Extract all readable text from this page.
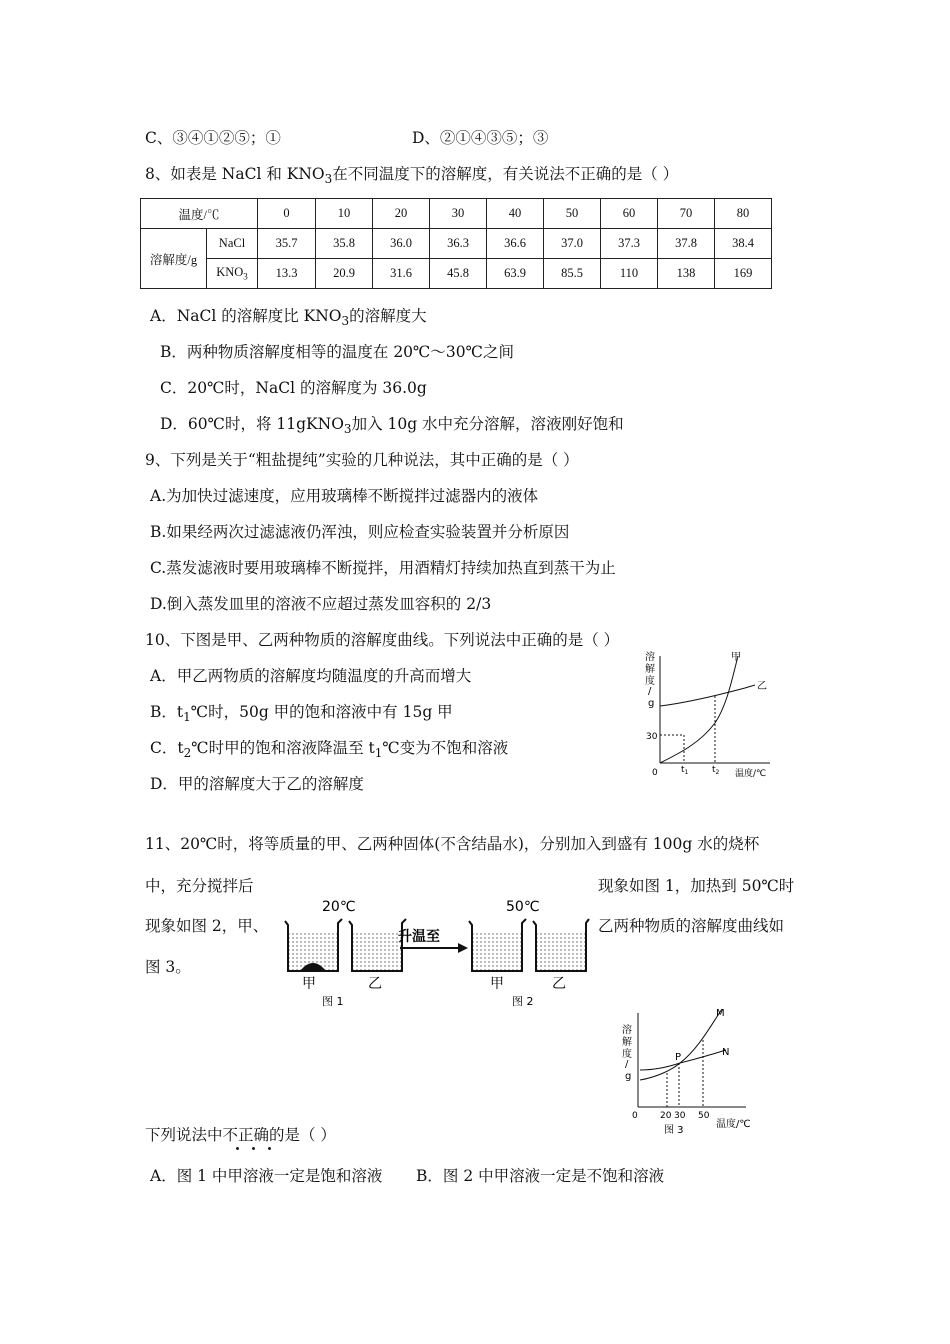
C、③④①②⑤；①	D、②①④③⑤；③
8、如表是 NaCl 和 $KNO_3$在不同温度下的溶解度，有关说法不正确的是（ ）
温度/℃		0	10	20	30	40	50	60	70	80
溶解度/g	NaCl	35.7	35.8	36.0	36.3	36.6	37.0	37.3	37.8	38.4
	$KNO_3$	13.3	20.9	31.6	45.8	63.9	85.5	110	138	169
A．NaCl 的溶解度比 $KNO_3$的溶解度大
B．两种物质溶解度相等的温度在 20℃～30℃之间
C．20℃时，NaCl 的溶解度为 36.0g
D．60℃时，将 11gKNO$_3$加入 10g 水中充分溶解，溶液刚好饱和
9、下列是关于“粗盐提纯”实验的几种说法，其中正确的是（ ）
A.为加快过滤速度，应用玻璃棒不断搅拌过滤器内的液体
B.如果经两次过滤滤液仍浑浊，则应检查实验装置并分析原因
C.蒸发滤液时要用玻璃棒不断搅拌，用酒精灯持续加热直到蒸干为止
D.倒入蒸发皿里的溶液不应超过蒸发皿容积的 2/3
10、下图是甲、乙两种物质的溶解度曲线。下列说法中正确的是（ ）
A．甲乙两物质的溶解度均随温度的升高而增大
B．$t_1℃$时，50g 甲的饱和溶液中有 15g 甲
C．$t_2℃$时甲的饱和溶液降温至 $t_1℃$变为不饱和溶液
D．甲的溶解度大于乙的溶解度
溶
解
度
/
g
甲
乙
30
0	$t_1$	$t_2$ 温度/℃
11、20℃时，将等质量的甲、乙两种固体(不含结晶水)，分别加入到盛有 100g 水的烧杯
中，充分搅拌后	现象如图 1，加热到 50℃时
现象如图 2，甲、	乙两种物质的溶解度曲线如
图 3。
20℃
升温至
50℃
甲	乙	甲	乙
图 1	图 2
溶
解
度
/
g
M
N
P
0 20 30 50
温度/℃
图 3
下列说法中不正确的是（ ）
A．图 1 中甲溶液一定是饱和溶液 B．图 2 中甲溶液一定是不饱和溶液
